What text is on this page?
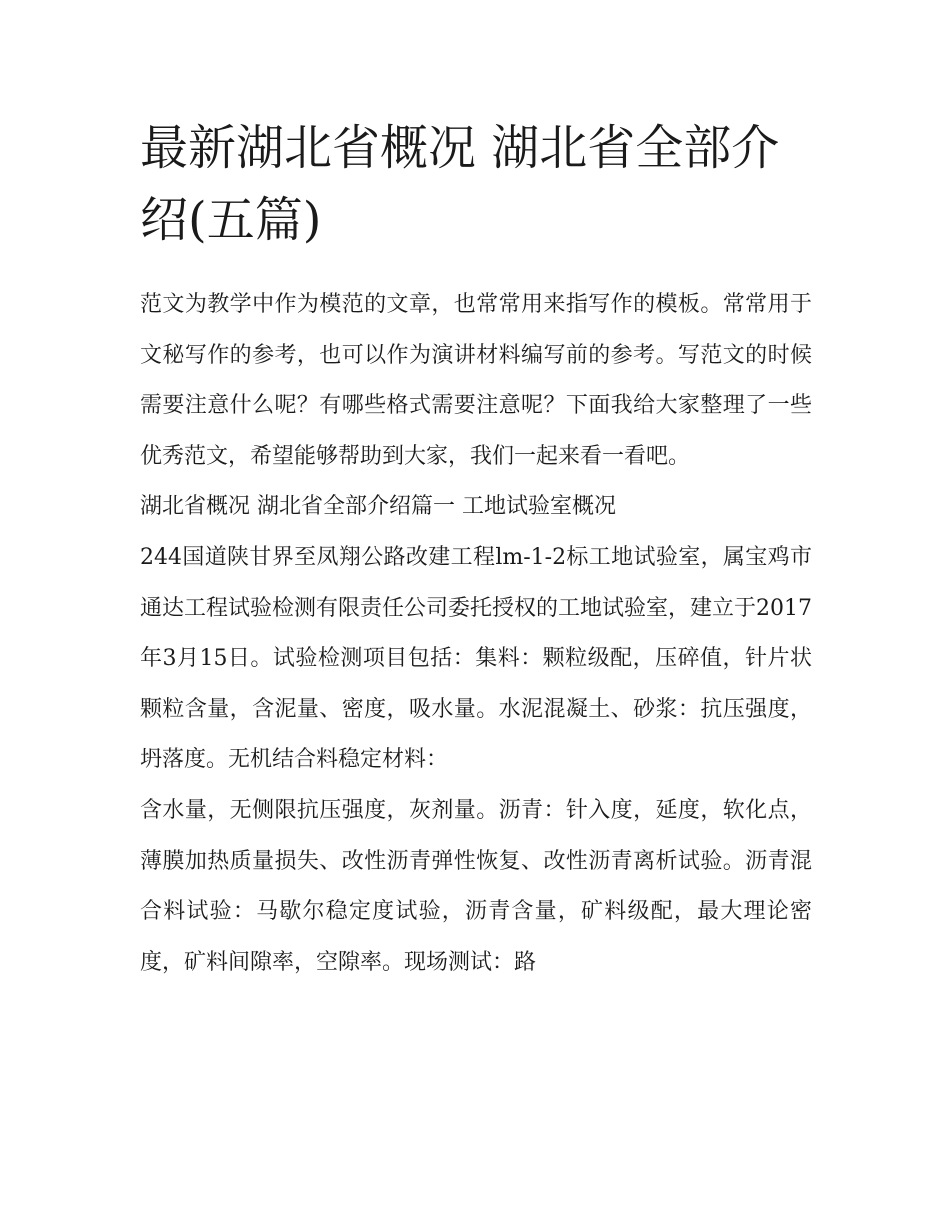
最新湖北省概况 湖北省全部介绍(五篇)

范文为教学中作为模范的文章，也常常用来指写作的模板。常常用于文秘写作的参考，也可以作为演讲材料编写前的参考。写范文的时候需要注意什么呢？有哪些格式需要注意呢？下面我给大家整理了一些优秀范文，希望能够帮助到大家，我们一起来看一看吧。

湖北省概况 湖北省全部介绍篇一 工地试验室概况

244国道陕甘界至凤翔公路改建工程lm-1-2标工地试验室，属宝鸡市通达工程试验检测有限责任公司委托授权的工地试验室，建立于2017年3月15日。试验检测项目包括：集料：颗粒级配，压碎值，针片状颗粒含量，含泥量、密度，吸水量。水泥混凝土、砂浆：抗压强度，坍落度。无机结合料稳定材料：

含水量，无侧限抗压强度，灰剂量。沥青：针入度，延度，软化点，薄膜加热质量损失、改性沥青弹性恢复、改性沥青离析试验。沥青混合料试验：马歇尔稳定度试验，沥青含量，矿料级配，最大理论密度，矿料间隙率，空隙率。现场测试：路
